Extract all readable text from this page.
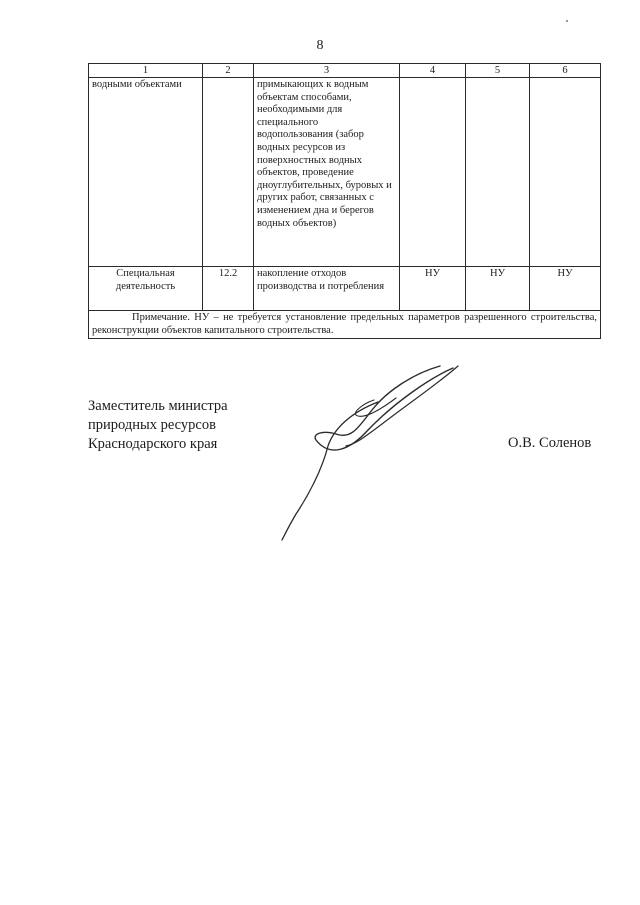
8
1	2	3	4	5	6
водными объектами		примыкающих к водным объектам способами, необходимыми для специального водопользования (забор водных ресурсов из поверхностных водных объектов, проведение дноуглубительных, буровых и других работ, связанных с изменением дна и берегов водных объектов)			
Специальная деятельность	12.2	накопление отходов производства и потребления	НУ	НУ	НУ
Примечание. НУ – не требуется установление предельных параметров разрешенного строительства, реконструкции объектов капитального строительства.					
Заместитель министра
природных ресурсов
Краснодарского края	О.В. Соленов
